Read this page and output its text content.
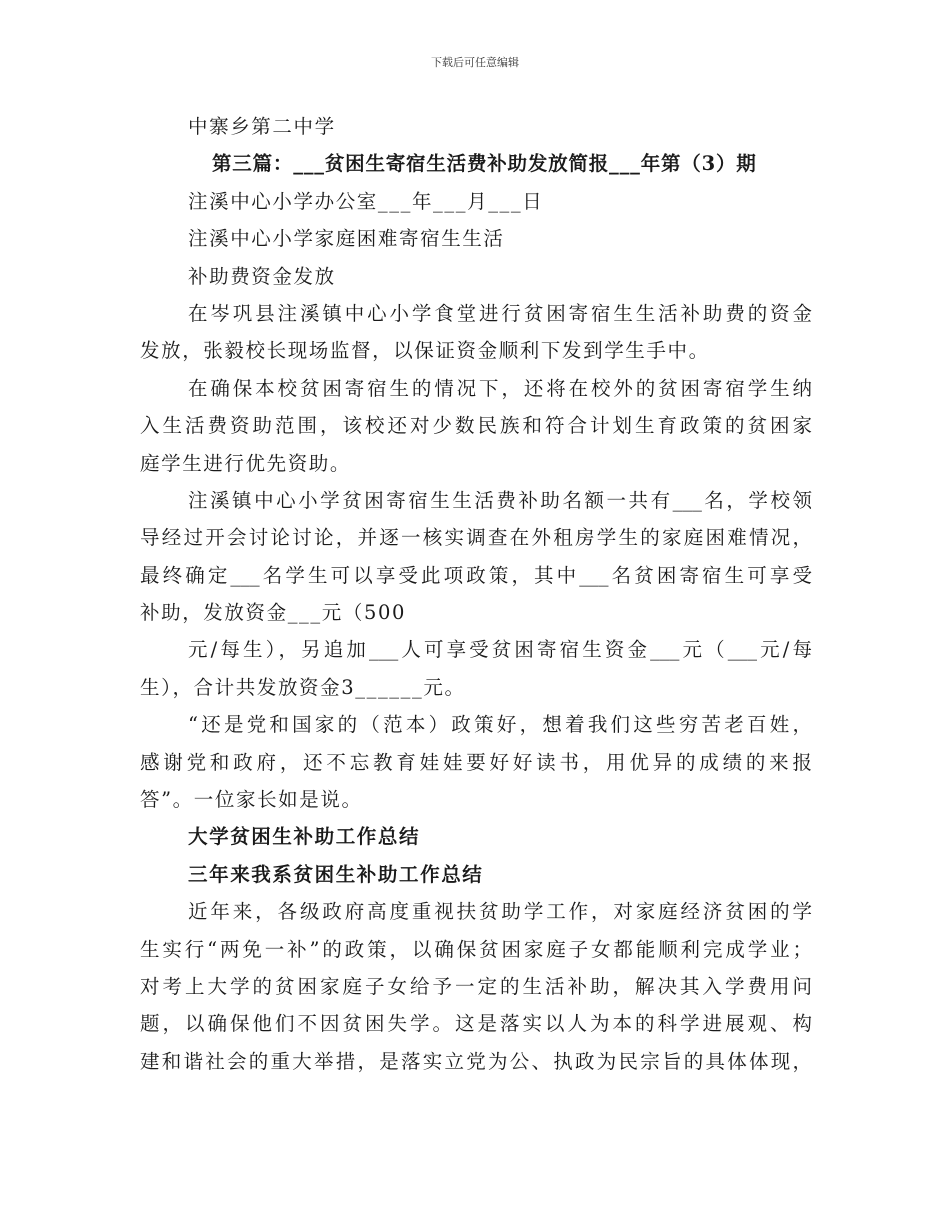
下载后可任意编辑
中寨乡第二中学
第三篇：___贫困生寄宿生活费补助发放简报___年第（3）期
注溪中心小学办公室___年___月___日
注溪中心小学家庭困难寄宿生生活
补助费资金发放
在岑巩县注溪镇中心小学食堂进行贫困寄宿生生活补助费的资金
发放，张毅校长现场监督，以保证资金顺利下发到学生手中。
在确保本校贫困寄宿生的情况下，还将在校外的贫困寄宿学生纳
入生活费资助范围，该校还对少数民族和符合计划生育政策的贫困家
庭学生进行优先资助。
注溪镇中心小学贫困寄宿生生活费补助名额一共有___名，学校领
导经过开会讨论讨论，并逐一核实调查在外租房学生的家庭困难情况，
最终确定___名学生可以享受此项政策，其中___名贫困寄宿生可享受
补助，发放资金___元（500
元/每生），另追加___人可享受贫困寄宿生资金___元（___元/每
生），合计共发放资金3______元。
“还是党和国家的（范本）政策好，想着我们这些穷苦老百姓，
感谢党和政府，还不忘教育娃娃要好好读书，用优异的成绩的来报
答”。一位家长如是说。
大学贫困生补助工作总结
三年来我系贫困生补助工作总结
近年来，各级政府高度重视扶贫助学工作，对家庭经济贫困的学
生实行“两免一补”的政策，以确保贫困家庭子女都能顺利完成学业；
对考上大学的贫困家庭子女给予一定的生活补助，解决其入学费用问
题，以确保他们不因贫困失学。这是落实以人为本的科学进展观、构
建和谐社会的重大举措，是落实立党为公、执政为民宗旨的具体体现，
